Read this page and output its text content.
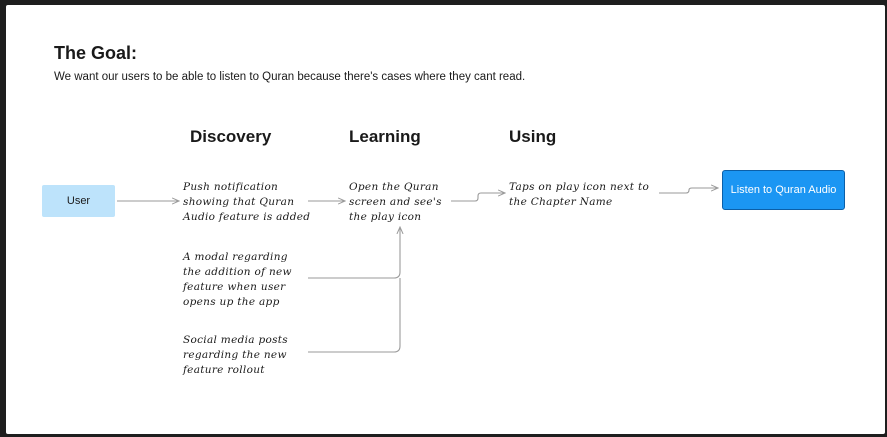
The Goal:

We want our users to be able to listen to Quran because there's cases where they cant read.

Discovery	Learning	Using
User
Listen to Quran Audio

Push notification
showing that Quran
Audio feature is added

A modal regarding
the addition of new
feature when user
opens up the app

Social media posts
regarding the new
feature rollout

Open the Quran
screen and see's
the play icon

Taps on play icon next to
the Chapter Name
